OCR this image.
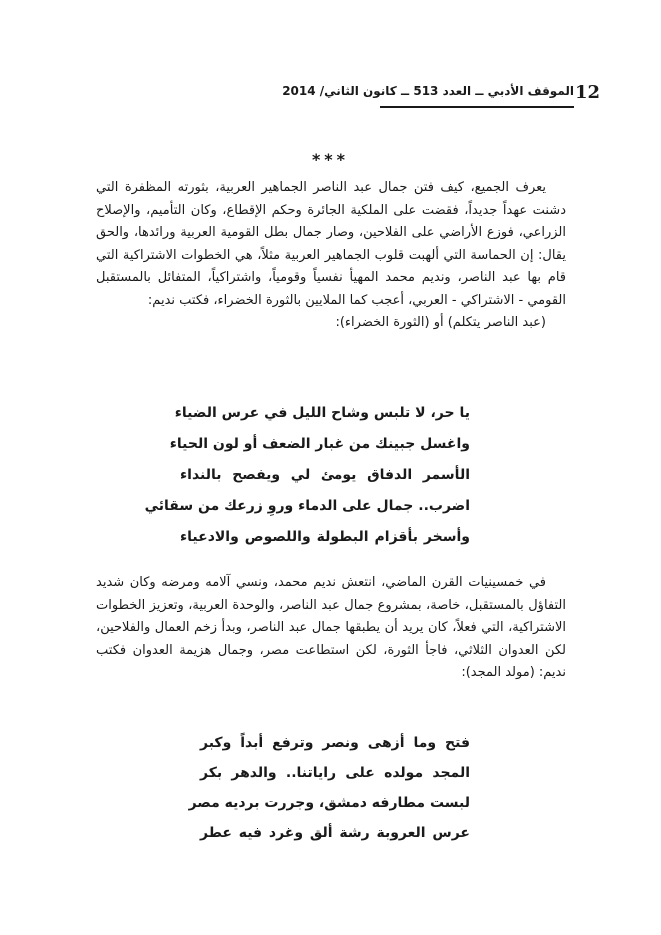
12
الموقف الأدبي ــ العدد 513 ــ كانون الثاني/ 2014
***

يعرف الجميع، كيف فتن جمال عبد الناصر الجماهير العربية، بثورته المظفرة التي دشنت عهداً جديداً، فقضت على الملكية الجائرة وحكم الإقطاع، وكان التأميم، والإصلاح الزراعي، فوزع الأراضي على الفلاحين، وصار جمال بطل القومية العربية ورائدها، والحق يقال: إن الحماسة التي ألهبت قلوب الجماهير العربية مثلاً، هي الخطوات الاشتراكية التي قام بها عبد الناصر، ونديم محمد المهيأ نفسياً وقومياً، واشتراكياً، المتفائل بالمستقبل القومي - الاشتراكي - العربي، أعجب كما الملايين بالثورة الخضراء، فكتب نديم:

(عبد الناصر يتكلم) أو (الثورة الخضراء):

يا حر، لا تلبس وشاح الليل في عرس الضياء
واغسل جبينك من غبار الضعف أو لون الحياء
الأسمر الدفاق يومئ لي ويفصح بالنداء
اضرب.. جمال على الدماء وروِ زرعك من سقائي
وأسخر بأقزام البطولة واللصوص والادعياء

في خمسينيات القرن الماضي، انتعش نديم محمد، ونسي آلامه ومرضه وكان شديد التفاؤل بالمستقبل، خاصة، بمشروع جمال عبد الناصر، والوحدة العربية، وتعزيز الخطوات الاشتراكية، التي فعلاً، كان يريد أن يطبقها جمال عبد الناصر، وبدأ زخم العمال والفلاحين، لكن العدوان الثلاثي، فاجأ الثورة، لكن استطاعت مصر، وجمال هزيمة العدوان فكتب نديم: (مولد المجد):

فتح وما أزهى ونصر وترفع أبداً وكبر
المجد مولده على راياتنا.. والدهر بكر
لبست مطارفه دمشق، وجررت برديه مصر
عرس العروبة رشة ألق وغرد فيه عطر
